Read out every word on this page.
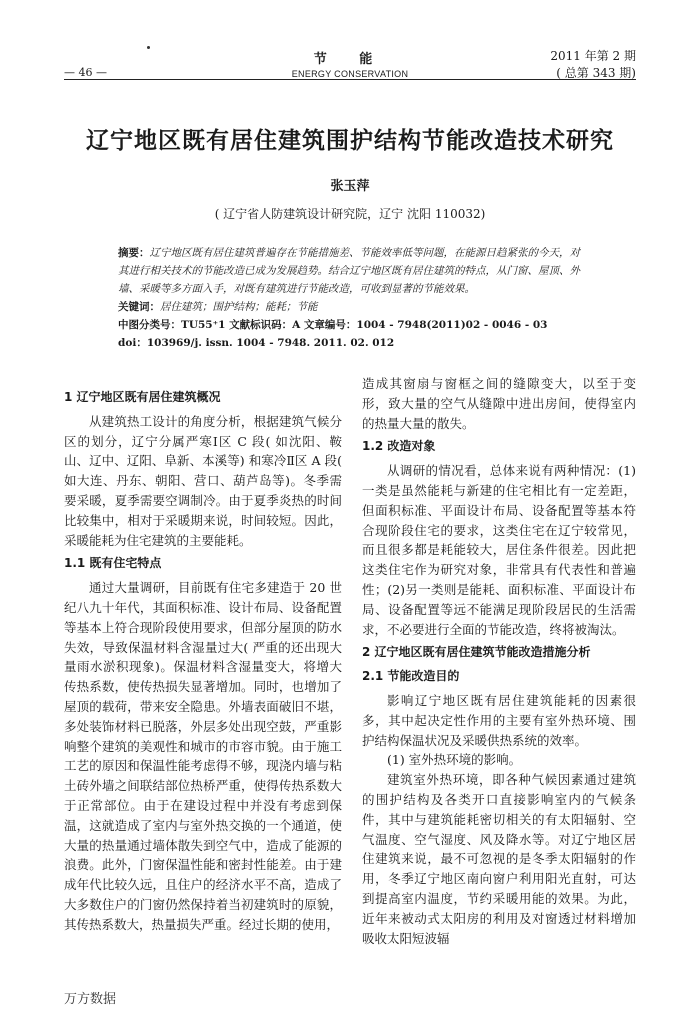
— 46 —
节 能
ENERGY CONSERVATION
2011 年第 2 期
( 总第 343 期)
辽宁地区既有居住建筑围护结构节能改造技术研究
张玉萍
( 辽宁省人防建筑设计研究院，辽宁 沈阳 110032)

摘要：辽宁地区既有居住建筑普遍存在节能措施差、节能效率低等问题，在能源日趋紧张的今天，对其进行相关技术的节能改造已成为发展趋势。结合辽宁地区既有居住建筑的特点，从门窗、屋顶、外墙、采暖等多方面入手，对既有建筑进行节能改造，可收到显著的节能效果。

关键词：居住建筑；围护结构；能耗；节能

中图分类号：TU55⁺1 文献标识码：A 文章编号：1004 - 7948(2011)02 - 0046 - 03

doi：103969/j. issn. 1004 - 7948. 2011. 02. 012

1 辽宁地区既有居住建筑概况

从建筑热工设计的角度分析，根据建筑气候分区的划分，辽宁分属严寒Ⅰ区 C 段( 如沈阳、鞍山、辽中、辽阳、阜新、本溪等) 和寒冷Ⅱ区 A 段( 如大连、丹东、朝阳、营口、葫芦岛等)。冬季需要采暖，夏季需要空调制冷。由于夏季炎热的时间比较集中，相对于采暖期来说，时间较短。因此，采暖能耗为住宅建筑的主要能耗。

1.1 既有住宅特点

通过大量调研，目前既有住宅多建造于 20 世纪八九十年代，其面积标准、设计布局、设备配置等基本上符合现阶段使用要求，但部分屋顶的防水失效，导致保温材料含湿量过大( 严重的还出现大量雨水淤积现象)。保温材料含湿量变大，将增大传热系数，使传热损失显著增加。同时，也增加了屋顶的载荷，带来安全隐患。外墙表面破旧不堪，多处装饰材料已脱落，外层多处出现空鼓，严重影响整个建筑的美观性和城市的市容市貌。由于施工工艺的原因和保温性能考虑得不够，现浇内墙与粘土砖外墙之间联结部位热桥严重，使得传热系数大于正常部位。由于在建设过程中并没有考虑到保温，这就造成了室内与室外热交换的一个通道，使大量的热量通过墙体散失到空气中，造成了能源的浪费。此外，门窗保温性能和密封性能差。由于建成年代比较久远，且住户的经济水平不高，造成了大多数住户的门窗仍然保持着当初建筑时的原貌，其传热系数大，热量损失严重。经过长期的使用，

造成其窗扇与窗框之间的缝隙变大，以至于变形，致大量的空气从缝隙中进出房间，使得室内的热量大量的散失。

1.2 改造对象

从调研的情况看，总体来说有两种情况：(1)一类是虽然能耗与新建的住宅相比有一定差距，但面积标准、平面设计布局、设备配置等基本符合现阶段住宅的要求，这类住宅在辽宁较常见，而且很多都是耗能较大，居住条件很差。因此把这类住宅作为研究对象，非常具有代表性和普遍性；(2)另一类则是能耗、面积标准、平面设计布局、设备配置等远不能满足现阶段居民的生活需求，不必要进行全面的节能改造，终将被淘汰。

2 辽宁地区既有居住建筑节能改造措施分析
2.1 节能改造目的

影响辽宁地区既有居住建筑能耗的因素很多，其中起决定性作用的主要有室外热环境、围护结构保温状况及采暖供热系统的效率。

(1) 室外热环境的影响。

建筑室外热环境，即各种气候因素通过建筑的围护结构及各类开口直接影响室内的气候条件，其中与建筑能耗密切相关的有太阳辐射、空气温度、空气湿度、风及降水等。对辽宁地区居住建筑来说，最不可忽视的是冬季太阳辐射的作用，冬季辽宁地区南向窗户利用阳光直射，可达到提高室内温度，节约采暖用能的效果。为此，近年来被动式太阳房的利用及对窗透过材料增加吸收太阳短波辐

万方数据
